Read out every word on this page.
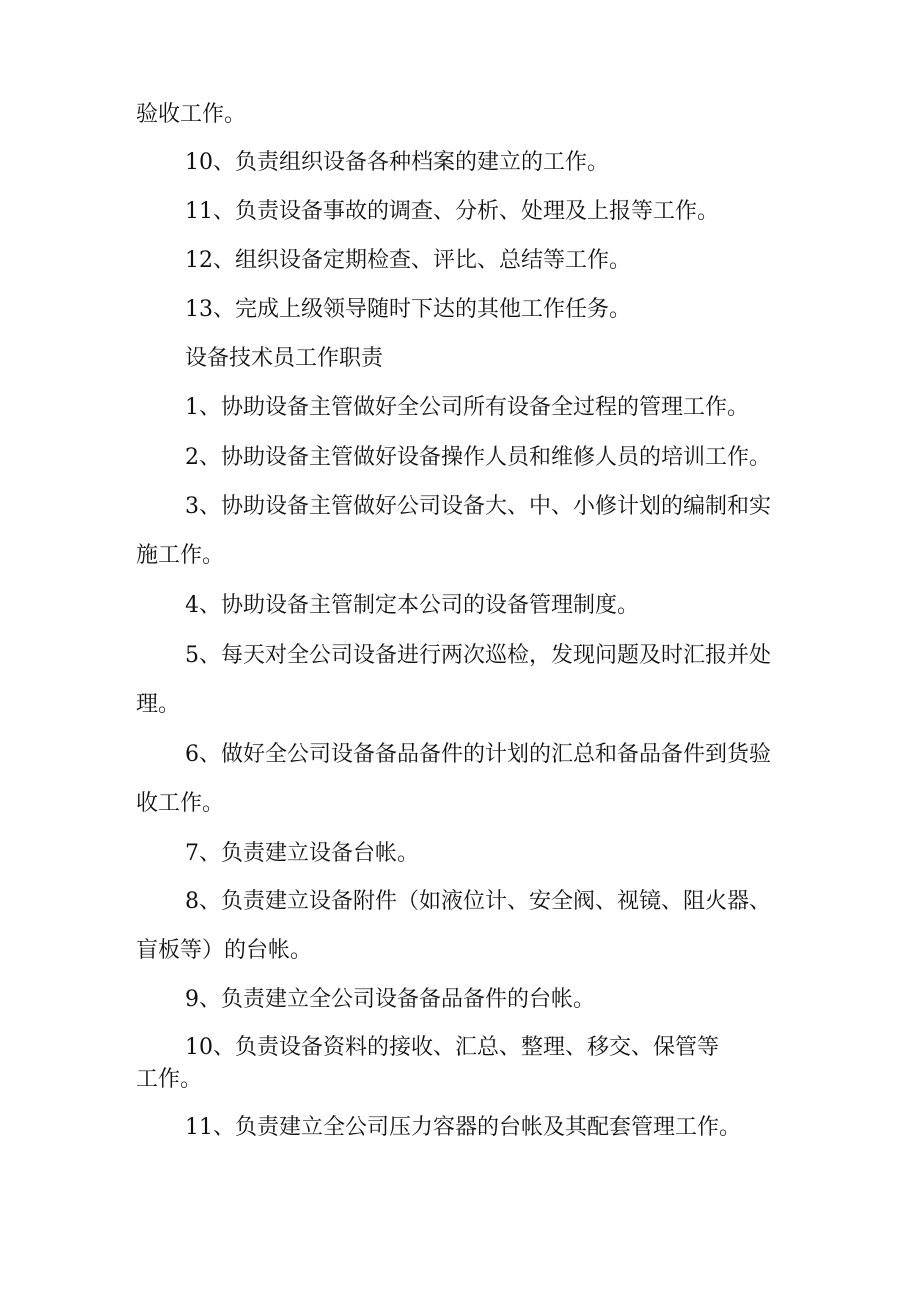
验收工作。

10、负责组织设备各种档案的建立的工作。

11、负责设备事故的调查、分析、处理及上报等工作。

12、组织设备定期检查、评比、总结等工作。

13、完成上级领导随时下达的其他工作任务。

设备技术员工作职责

1、协助设备主管做好全公司所有设备全过程的管理工作。

2、协助设备主管做好设备操作人员和维修人员的培训工作。

3、协助设备主管做好公司设备大、中、小修计划的编制和实

施工作。

4、协助设备主管制定本公司的设备管理制度。

5、每天对全公司设备进行两次巡检，发现问题及时汇报并处

理。

6、做好全公司设备备品备件的计划的汇总和备品备件到货验

收工作。

7、负责建立设备台帐。

8、负责建立设备附件（如液位计、安全阀、视镜、阻火器、

盲板等）的台帐。

9、负责建立全公司设备备品备件的台帐。

10、负责设备资料的接收、汇总、整理、移交、保管等

工作。

11、负责建立全公司压力容器的台帐及其配套管理工作。
